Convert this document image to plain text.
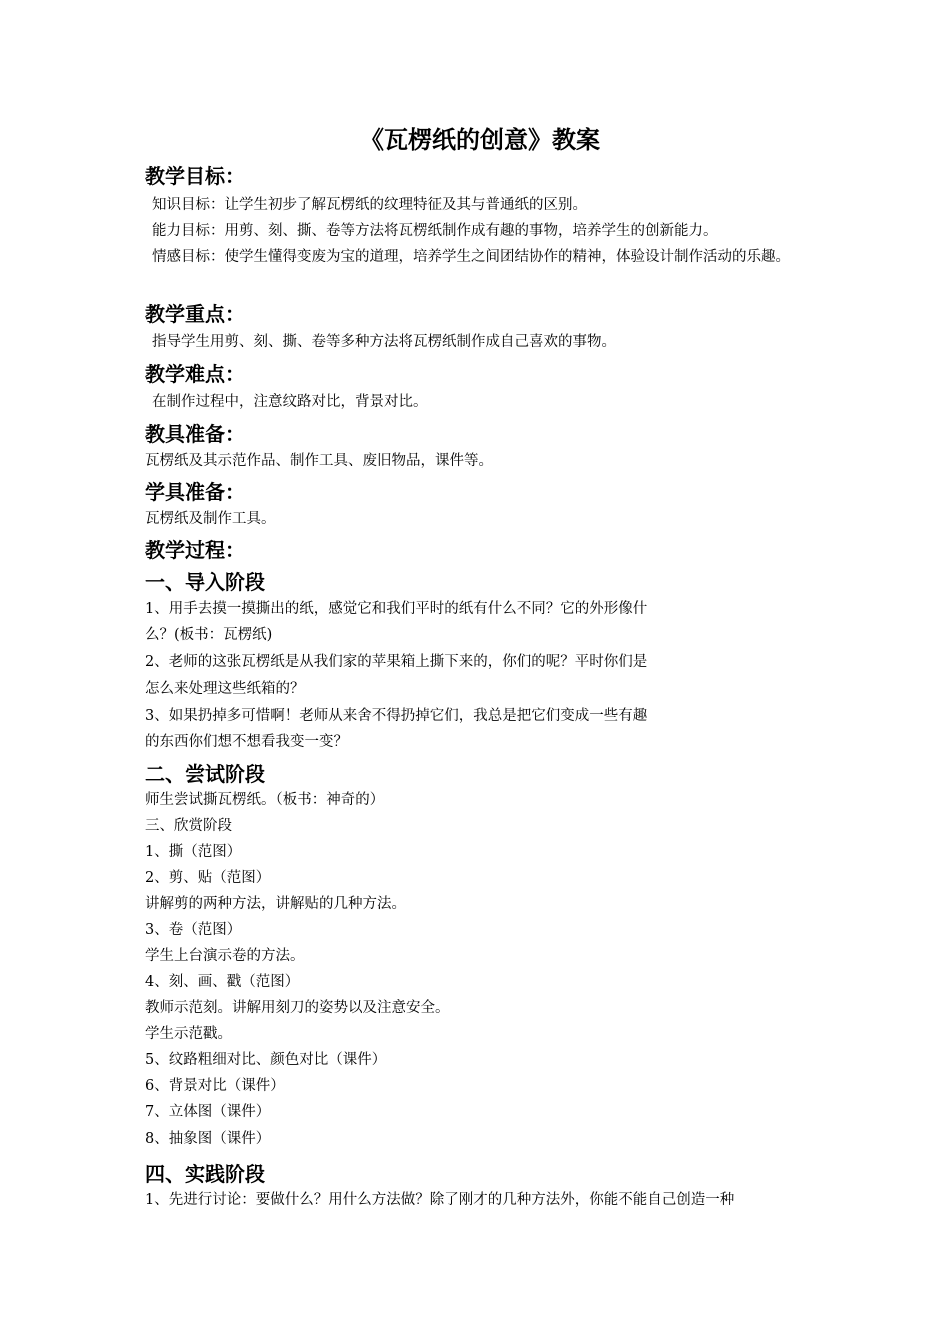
《瓦楞纸的创意》教案
教学目标：
知识目标：让学生初步了解瓦楞纸的纹理特征及其与普通纸的区别。
能力目标：用剪、刻、撕、卷等方法将瓦楞纸制作成有趣的事物，培养学生的创新能力。
情感目标：使学生懂得变废为宝的道理，培养学生之间团结协作的精神，体验设计制作活动的乐趣。
教学重点：
指导学生用剪、刻、撕、卷等多种方法将瓦楞纸制作成自己喜欢的事物。
教学难点：
在制作过程中，注意纹路对比，背景对比。
教具准备：
瓦楞纸及其示范作品、制作工具、废旧物品，课件等。
学具准备：
瓦楞纸及制作工具。
教学过程：
一、导入阶段
1、用手去摸一摸撕出的纸，感觉它和我们平时的纸有什么不同？它的外形像什
么？(板书：瓦楞纸)
2、老师的这张瓦楞纸是从我们家的苹果箱上撕下来的，你们的呢？平时你们是
怎么来处理这些纸箱的？
3、如果扔掉多可惜啊！老师从来舍不得扔掉它们，我总是把它们变成一些有趣
的东西你们想不想看我变一变？
二、尝试阶段
师生尝试撕瓦楞纸。（板书：神奇的）
三、欣赏阶段
1、撕（范图）
2、剪、贴（范图）
讲解剪的两种方法，讲解贴的几种方法。
3、卷（范图）
学生上台演示卷的方法。
4、刻、画、戳（范图）
教师示范刻。讲解用刻刀的姿势以及注意安全。
学生示范戳。
5、纹路粗细对比、颜色对比（课件）
6、背景对比（课件）
7、立体图（课件）
8、抽象图（课件）
四、实践阶段
1、先进行讨论：要做什么？用什么方法做？除了刚才的几种方法外，你能不能自己创造一种
